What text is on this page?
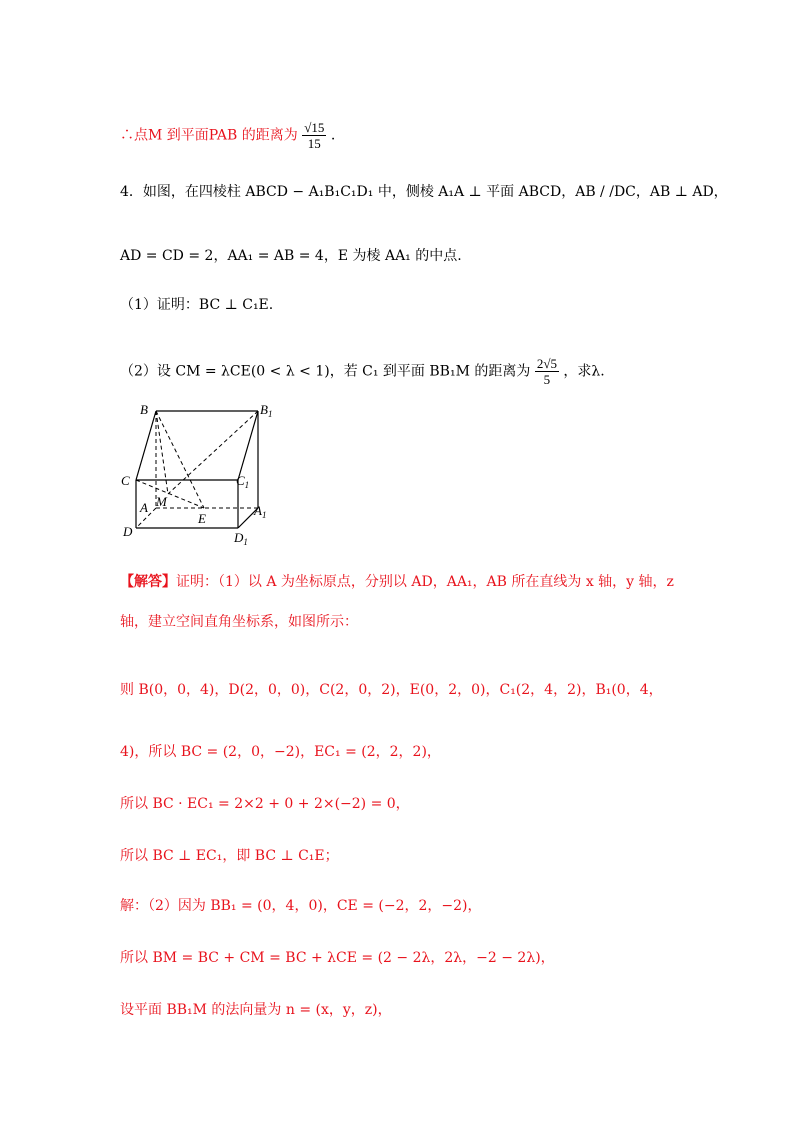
∴点M 到平面PAB 的距离为 $\frac{√15}{15}$ .
4．如图，在四棱柱 ABCD − A₁B₁C₁D₁ 中，侧棱 A₁A ⊥ 平面 ABCD，AB / /DC，AB ⊥ AD，
AD = CD = 2，AA₁ = AB = 4，E 为棱 AA₁ 的中点.
（1）证明：BC ⊥ C₁E.
（2）设 CM = λCE(0 < λ < 1)，若 C₁ 到平面 BB₁M 的距离为 $\frac{2√5}{5}$ ，求λ.
B	$B_1$
C	$C_1$
A M
E
$A_1$
D	$D_1$
【解答】证明：（1）以 A 为坐标原点，分别以 AD，AA₁，AB 所在直线为 x 轴，y 轴，z
轴，建立空间直角坐标系，如图所示：
则 B(0，0，4)，D(2，0，0)，C(2，0，2)，E(0，2，0)，C₁(2，4，2)，B₁(0，4，
4)，所以 BC = (2，0，−2)，EC₁ = (2，2，2)，
所以 BC · EC₁ = 2×2 + 0 + 2×(−2) = 0，
所以 BC ⊥ EC₁，即 BC ⊥ C₁E；
解：（2）因为 BB₁ = (0，4，0)，CE = (−2，2，−2)，
所以 BM = BC + CM = BC + λCE = (2 − 2λ，2λ，−2 − 2λ)，
设平面 BB₁M 的法向量为 n = (x，y，z)，
